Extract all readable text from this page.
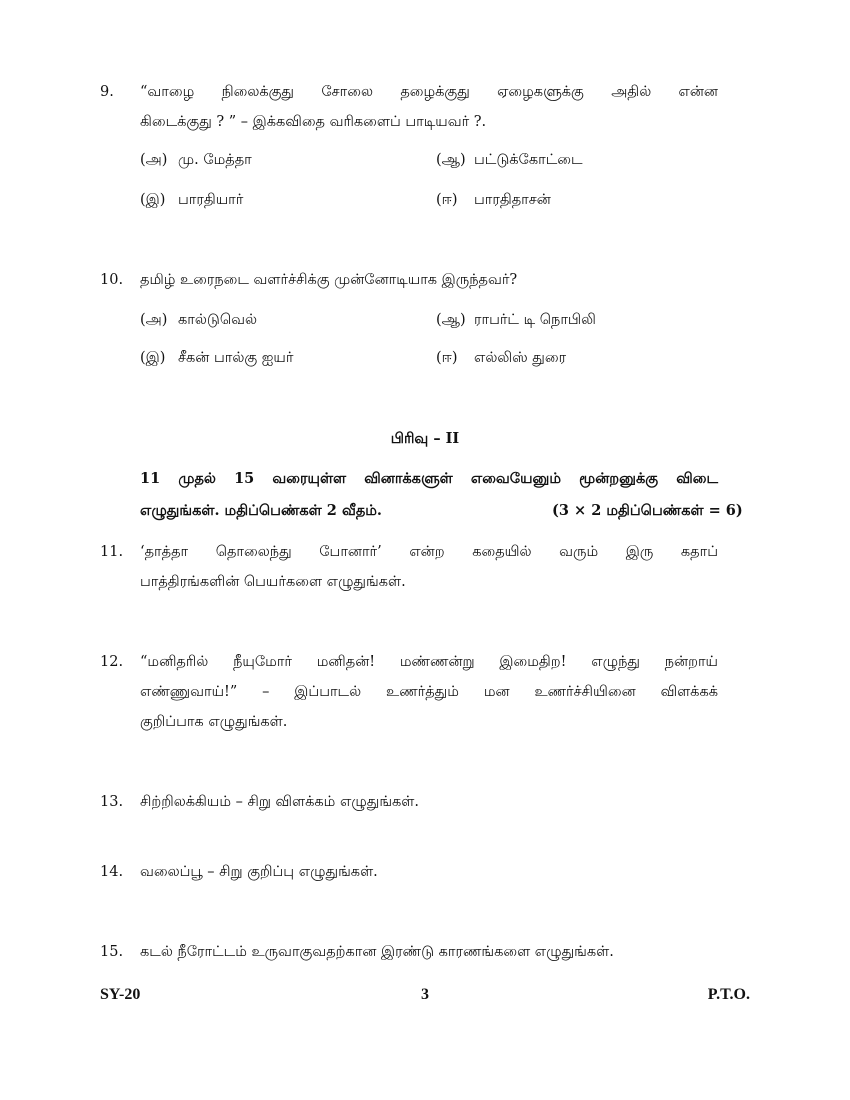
9. “வாழை நிலைக்குது சோலை தழைக்குது ஏழைகளுக்கு அதில் என்ன
கிடைக்குது ? ” – இக்கவிதை வரிகளைப் பாடியவர் ?.
(அ) மு. மேத்தா	(ஆ) பட்டுக்கோட்டை
(இ) பாரதியார்	(ஈ) பாரதிதாசன்
10. தமிழ் உரைநடை வளர்ச்சிக்கு முன்னோடியாக இருந்தவர்?
(அ) கால்டுவெல்	(ஆ) ராபர்ட் டி நொபிலி
(இ) சீகன் பால்கு ஐயர்	(ஈ) எல்லிஸ் துரை
பிரிவு – II
11 முதல் 15 வரையுள்ள வினாக்களுள் எவையேனும் மூன்றனுக்கு விடை
எழுதுங்கள். மதிப்பெண்கள் 2 வீதம்.	(3 × 2 மதிப்பெண்கள் = 6)
11. ‘தாத்தா தொலைந்து போனார்’ என்ற கதையில் வரும் இரு கதாப்
பாத்திரங்களின் பெயர்களை எழுதுங்கள்.
12. “மனிதரில் நீயுமோர் மனிதன்! மண்ணன்று இமைதிற! எழுந்து நன்றாய்
எண்ணுவாய்!” – இப்பாடல் உணர்த்தும் மன உணர்ச்சியினை விளக்கக்
குறிப்பாக எழுதுங்கள்.
13. சிற்றிலக்கியம் – சிறு விளக்கம் எழுதுங்கள்.
14. வலைப்பூ – சிறு குறிப்பு எழுதுங்கள்.
15. கடல் நீரோட்டம் உருவாகுவதற்கான இரண்டு காரணங்களை எழுதுங்கள்.
SY-20	3	P.T.O.
